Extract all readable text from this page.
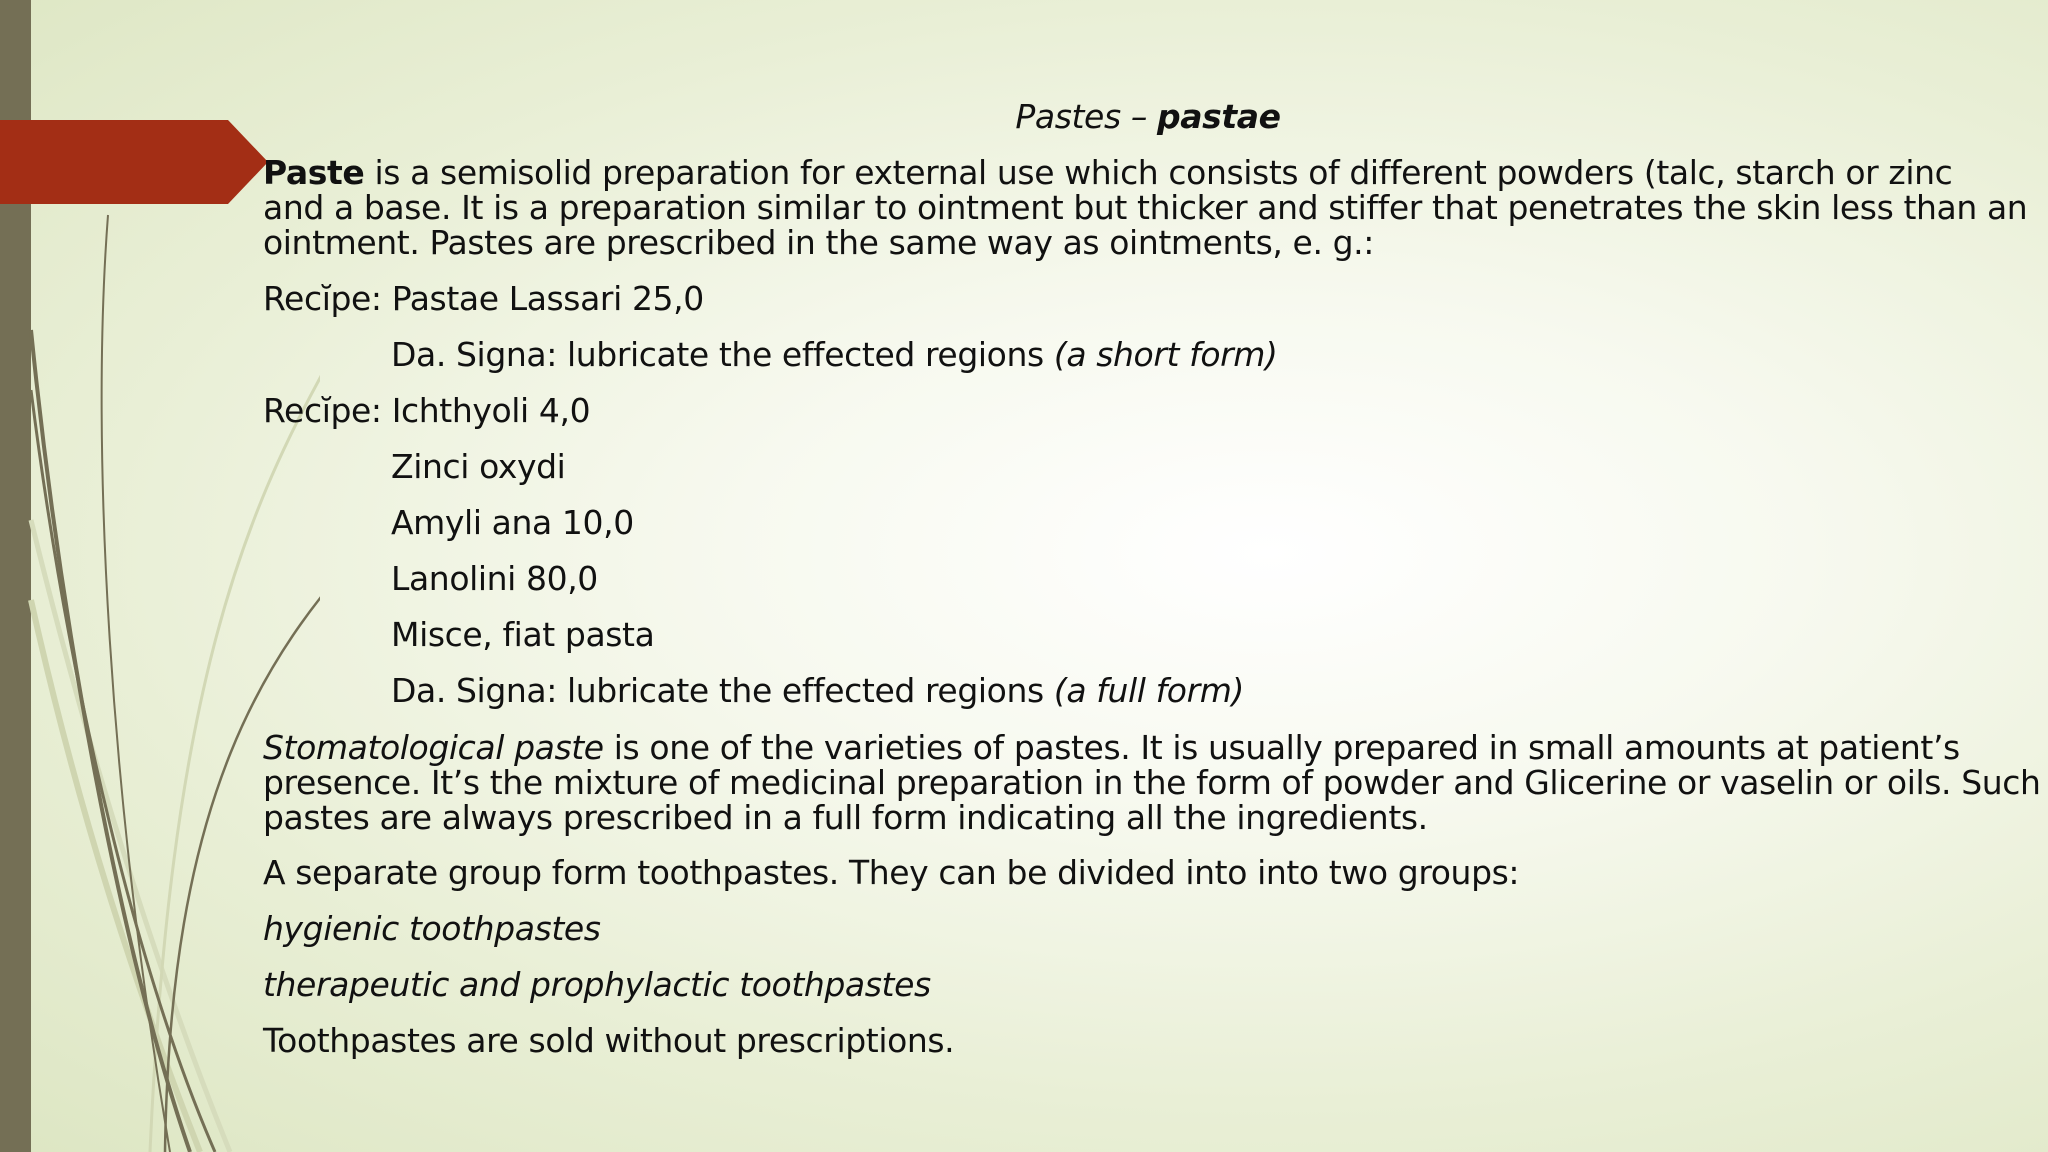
Pastes – pastae
Paste is a semisolid preparation for external use which consists of different powders (talc, starch or zinc
and a base. It is a preparation similar to ointment but thicker and stiffer that penetrates the skin less than an
ointment. Pastes are prescribed in the same way as ointments, e. g.:
Recĭpe: Pastae Lassari 25,0
Da. Signa: lubricate the effected regions (a short form)
Recĭpe: Ichthyoli 4,0
Zinci oxydi
Amyli ana 10,0
Lanolini 80,0
Misce, fiat pasta
Da. Signa: lubricate the effected regions (a full form)
Stomatological paste is one of the varieties of pastes. It is usually prepared in small amounts at patient’s
presence. It’s the mixture of medicinal preparation in the form of powder and Glicerine or vaselin or oils. Such
pastes are always prescribed in a full form indicating all the ingredients.
A separate group form toothpastes. They can be divided into into two groups:
hygienic toothpastes
therapeutic and prophylactic toothpastes
Toothpastes are sold without prescriptions.
